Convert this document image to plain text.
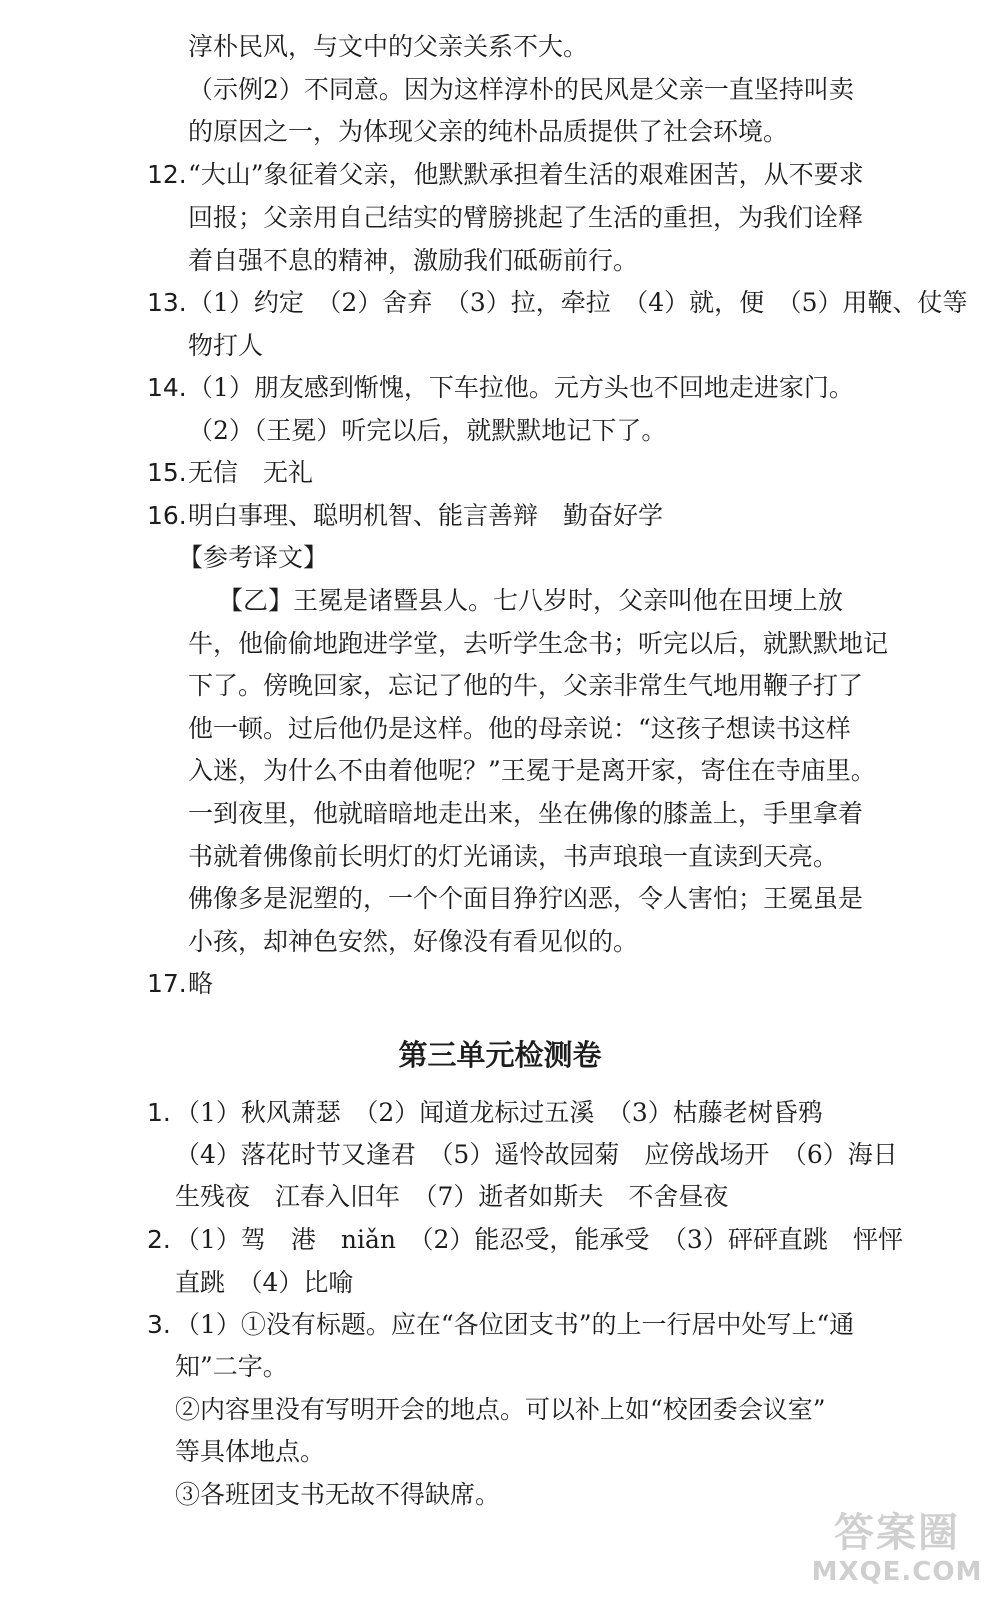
淳朴民风，与文中的父亲关系不大。
（示例2）不同意。因为这样淳朴的民风是父亲一直坚持叫卖
的原因之一，为体现父亲的纯朴品质提供了社会环境。
12. “大山”象征着父亲，他默默承担着生活的艰难困苦，从不要求
回报；父亲用自己结实的臂膀挑起了生活的重担，为我们诠释
着自强不息的精神，激励我们砥砺前行。
13. （1）约定　（2）舍弃　（3）拉，牵拉　（4）就，便　（5）用鞭、仗等
物打人
14. （1）朋友感到惭愧，下车拉他。元方头也不回地走进家门。
（2）（王冕）听完以后，就默默地记下了。
15. 无信　无礼
16. 明白事理、聪明机智、能言善辩　勤奋好学
【参考译文】
【乙】王冕是诸暨县人。七八岁时，父亲叫他在田埂上放
牛，他偷偷地跑进学堂，去听学生念书；听完以后，就默默地记
下了。傍晚回家，忘记了他的牛，父亲非常生气地用鞭子打了
他一顿。过后他仍是这样。他的母亲说：“这孩子想读书这样
入迷，为什么不由着他呢？”王冕于是离开家，寄住在寺庙里。
一到夜里，他就暗暗地走出来，坐在佛像的膝盖上，手里拿着
书就着佛像前长明灯的灯光诵读，书声琅琅一直读到天亮。
佛像多是泥塑的，一个个面目狰狞凶恶，令人害怕；王冕虽是
小孩，却神色安然，好像没有看见似的。
17. 略
第三单元检测卷
1. （1）秋风萧瑟　（2）闻道龙标过五溪　（3）枯藤老树昏鸦
（4）落花时节又逢君　（5）遥怜故园菊　应傍战场开　（6）海日
生残夜　江春入旧年　（7）逝者如斯夫　不舍昼夜
2. （1）驾　港　niǎn　（2）能忍受，能承受　（3）砰砰直跳　怦怦
直跳　（4）比喻
3. （1）①没有标题。应在“各位团支书”的上一行居中处写上“通
知”二字。
②内容里没有写明开会的地点。可以补上如“校团委会议室”
等具体地点。
③各班团支书无故不得缺席。
答案圈
MXQE.COM
